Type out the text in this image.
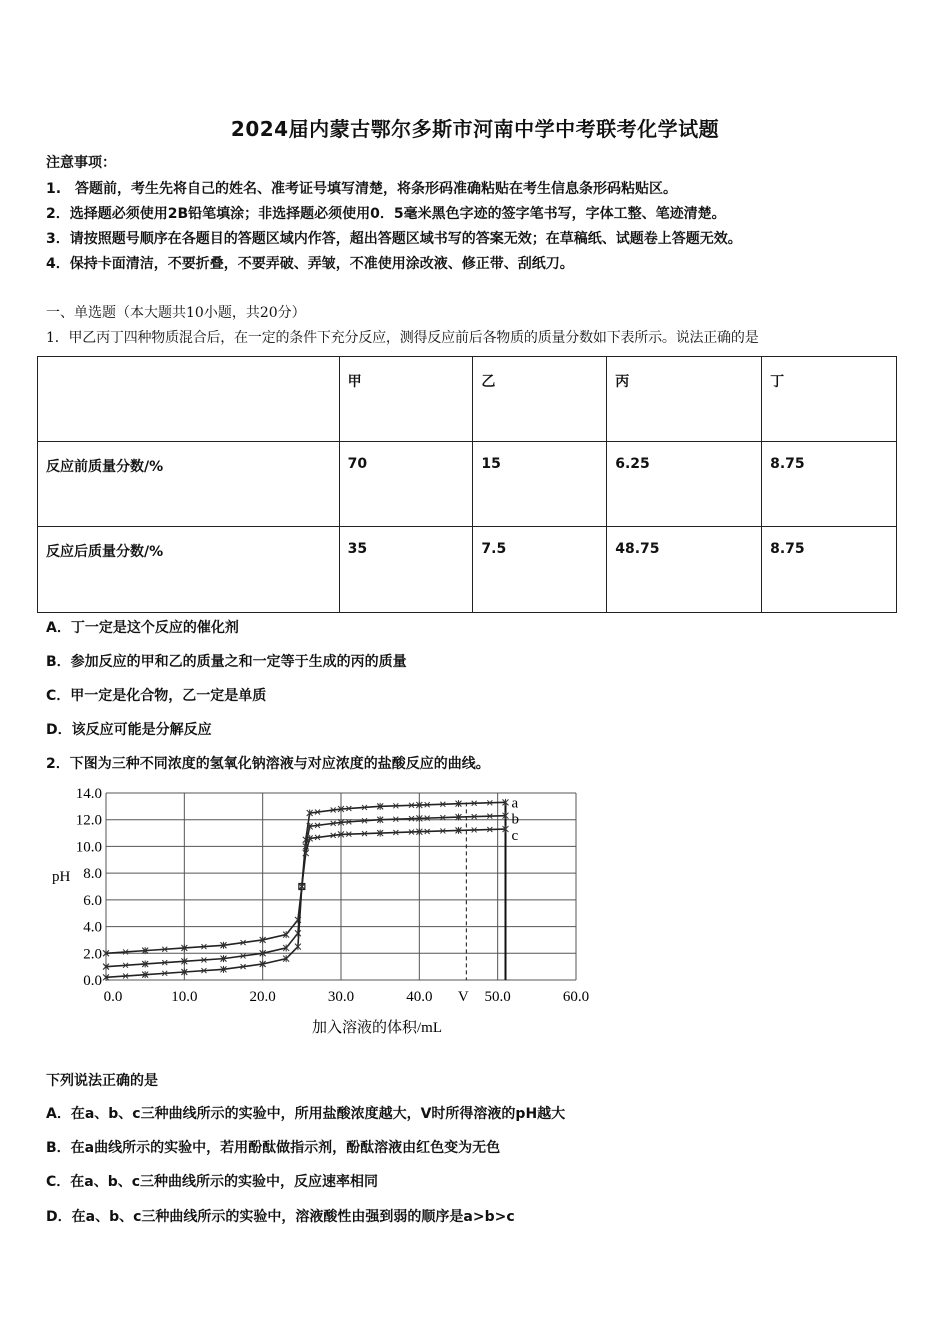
2024届内蒙古鄂尔多斯市河南中学中考联考化学试题
注意事项：
1.　答题前，考生先将自己的姓名、准考证号填写清楚，将条形码准确粘贴在考生信息条形码粘贴区。
2．选择题必须使用2B铅笔填涂；非选择题必须使用0．5毫米黑色字迹的签字笔书写，字体工整、笔迹清楚。
3．请按照题号顺序在各题目的答题区域内作答，超出答题区域书写的答案无效；在草稿纸、试题卷上答题无效。
4．保持卡面清洁，不要折叠，不要弄破、弄皱，不准使用涂改液、修正带、刮纸刀。
一、单选题（本大题共10小题，共20分）
1．甲乙丙丁四种物质混合后，在一定的条件下充分反应，测得反应前后各物质的质量分数如下表所示。说法正确的是
	甲	乙	丙	丁
反应前质量分数/%	70	15	6.25	8.75
反应后质量分数/%	35	7.5	48.75	8.75
A．丁一定是这个反应的催化剂
B．参加反应的甲和乙的质量之和一定等于生成的丙的质量
C．甲一定是化合物，乙一定是单质
D．该反应可能是分解反应
2．下图为三种不同浓度的氢氧化钠溶液与对应浓度的盐酸反应的曲线。
0.0
2.0
4.0
6.0
8.0
10.0
12.0
14.0
0.0	10.0	20.0	30.0	40.0 V 50.0	60.0
a
b
c
pH
加入溶液的体积/mL
下列说法正确的是
A．在a、b、c三种曲线所示的实验中，所用盐酸浓度越大，V时所得溶液的pH越大
B．在a曲线所示的实验中，若用酚酞做指示剂，酚酞溶液由红色变为无色
C．在a、b、c三种曲线所示的实验中，反应速率相同
D．在a、b、c三种曲线所示的实验中，溶液酸性由强到弱的顺序是a>b>c
